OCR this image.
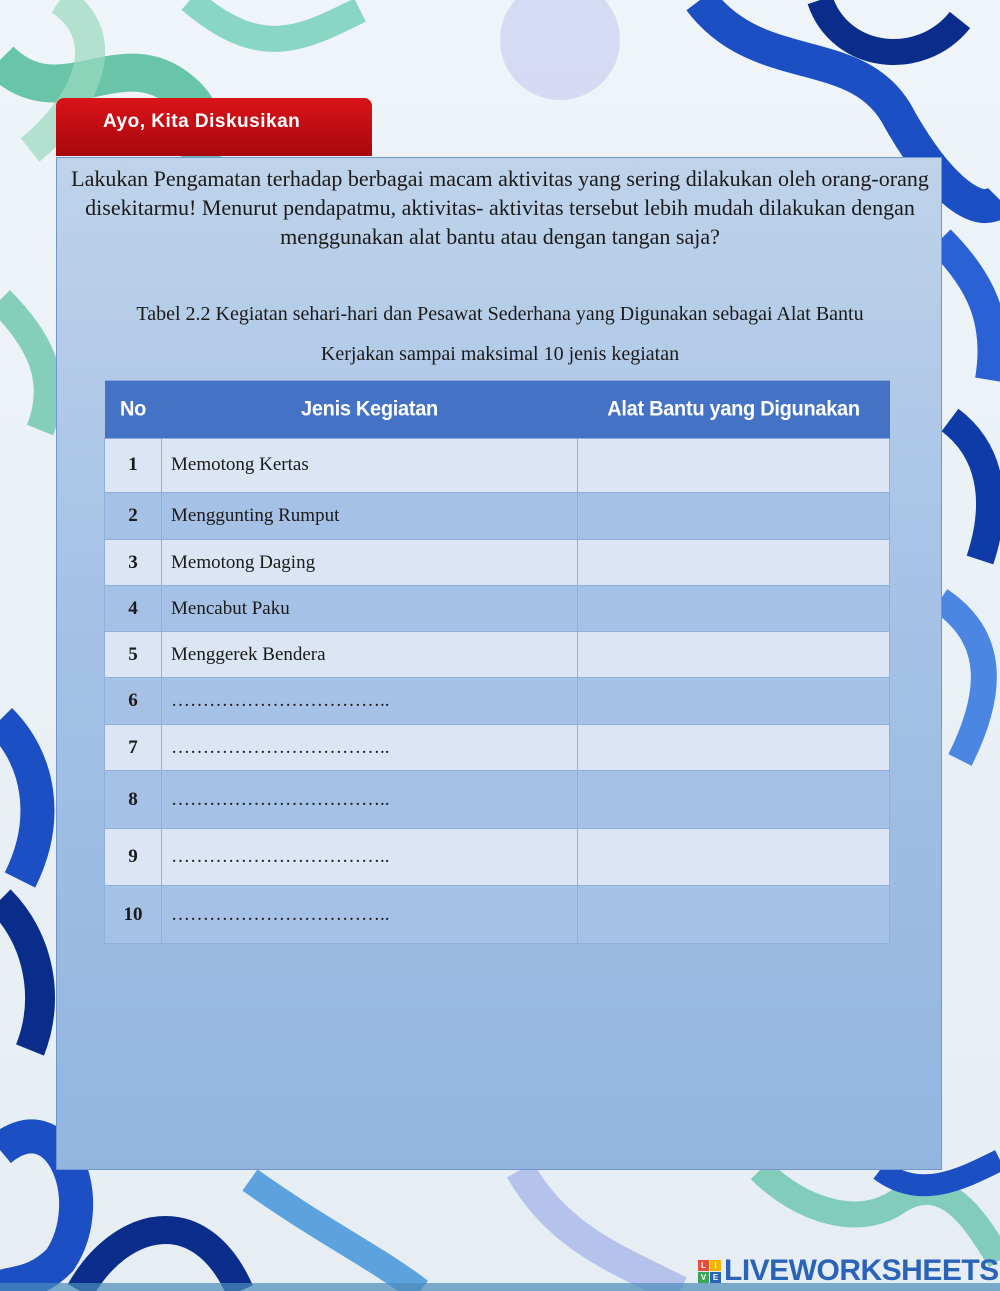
Ayo, Kita Diskusikan
Lakukan Pengamatan terhadap berbagai macam aktivitas yang sering dilakukan oleh orang-orang disekitarmu! Menurut pendapatmu, aktivitas- aktivitas tersebut lebih mudah dilakukan dengan menggunakan alat bantu atau dengan tangan saja?
Tabel 2.2 Kegiatan sehari-hari dan Pesawat Sederhana yang Digunakan sebagai Alat Bantu
Kerjakan sampai maksimal 10 jenis kegiatan
No	Jenis Kegiatan	Alat Bantu yang Digunakan
1	Memotong Kertas	
2	Menggunting Rumput	
3	Memotong Daging	
4	Mencabut Paku	
5	Menggerek Bendera	
6	……………………………..	
7	……………………………..	
8	……………………………..	
9	……………………………..	
10	……………………………..	
L	I
V E LIVEWORKSHEETS
